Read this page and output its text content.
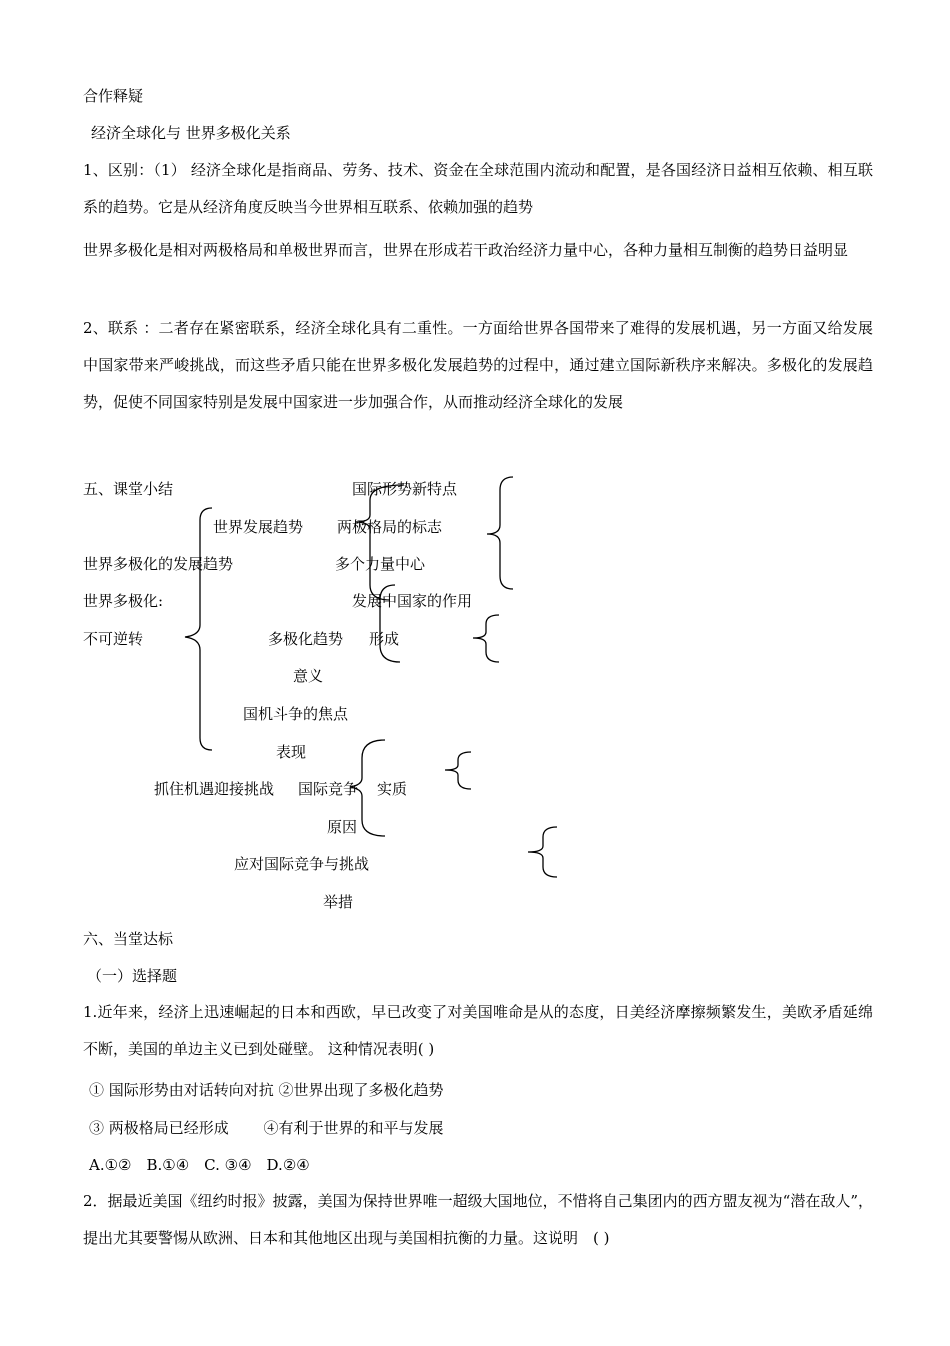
合作释疑
经济全球化与 世界多极化关系
1、区别：（1） 经济全球化是指商品、劳务、技术、资金在全球范围内流动和配置，是各国经济日益相互依赖、相互联系的趋势。它是从经济角度反映当今世界相互联系、依赖加强的趋势
世界多极化是相对两极格局和单极世界而言，世界在形成若干政治经济力量中心，各种力量相互制衡的趋势日益明显
2、联系 ：二者存在紧密联系，经济全球化具有二重性。一方面给世界各国带来了难得的发展机遇，另一方面又给发展中国家带来严峻挑战，而这些矛盾只能在世界多极化发展趋势的过程中，通过建立国际新秩序来解决。多极化的发展趋势，促使不同国家特别是发展中国家进一步加强合作，从而推动经济全球化的发展
五、课堂小结	国际形势新特点
世界发展趋势 两极格局的标志
多个力量中心
世界多极化的发展趋势
发展中国家的作用
世界多极化:
不可逆转	多极化趋势 形成
意义
国机斗争的焦点
表现
抓住机遇迎接挑战 国际竞争 实质
原因
应对国际竞争与挑战
举措
六、当堂达标
（一）选择题
1.近年来，经济上迅速崛起的日本和西欧，早已改变了对美国唯命是从的态度，日美经济摩擦频繁发生，美欧矛盾延绵不断，美国的单边主义已到处碰壁。 这种情况表明( )
① 国际形势由对话转向对抗 ②世界出现了多极化趋势
③ 两极格局已经形成　　 ④有利于世界的和平与发展
A.①②　B.①④　C. ③④　D.②④
2．据最近美国《纽约时报》披露，美国为保持世界唯一超级大国地位，不惜将自己集团内的西方盟友视为“潜在敌人”，提出尤其要警惕从欧洲、日本和其他地区出现与美国相抗衡的力量。这说明　( )
